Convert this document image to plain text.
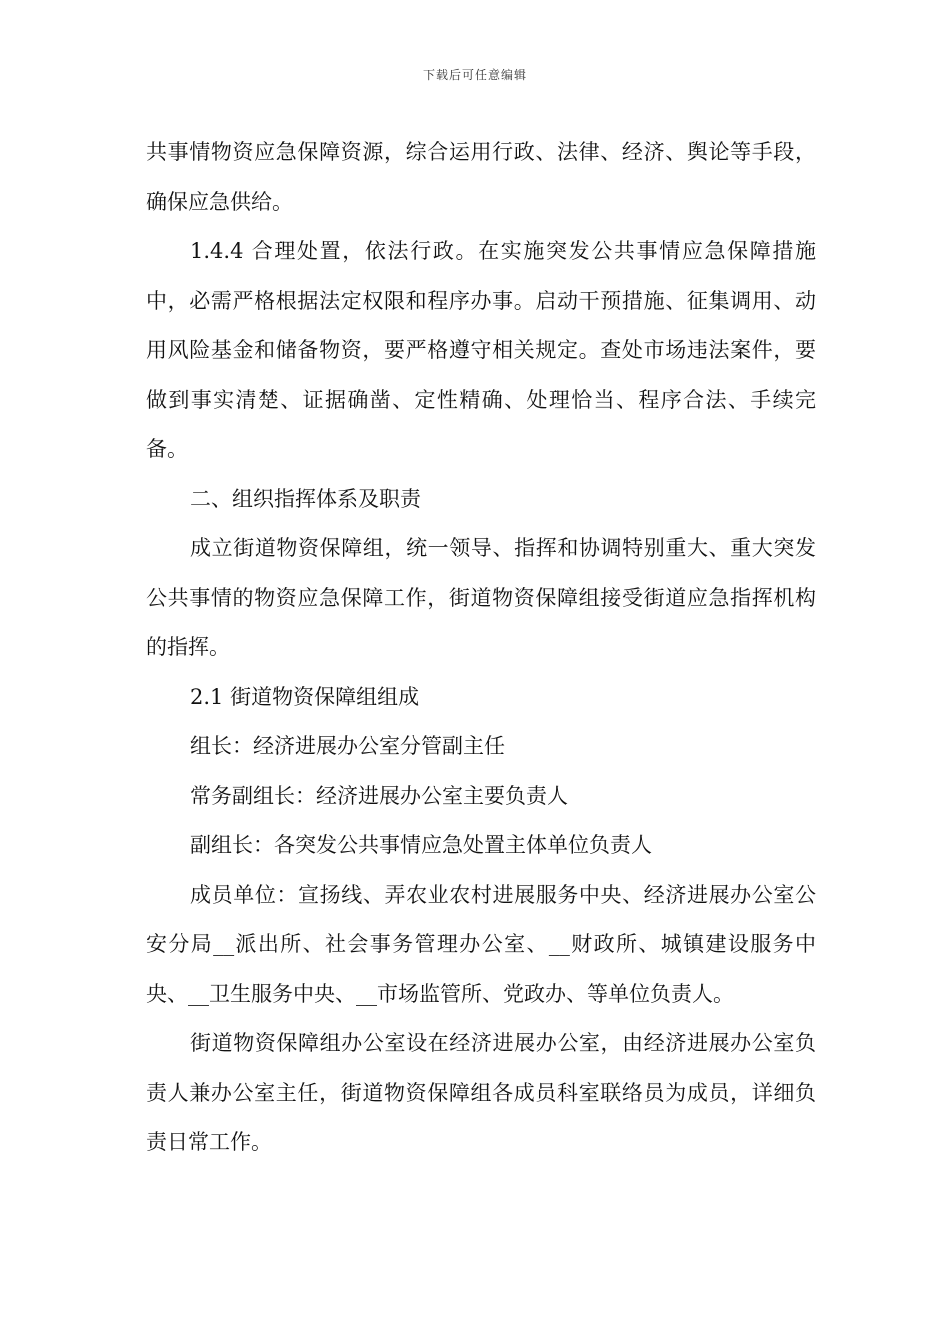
下载后可任意编辑

共事情物资应急保障资源，综合运用行政、法律、经济、舆论等手段，确保应急供给。

1.4.4 合理处置，依法行政。在实施突发公共事情应急保障措施中，必需严格根据法定权限和程序办事。启动干预措施、征集调用、动用风险基金和储备物资，要严格遵守相关规定。查处市场违法案件，要做到事实清楚、证据确凿、定性精确、处理恰当、程序合法、手续完备。

二、组织指挥体系及职责

成立街道物资保障组，统一领导、指挥和协调特别重大、重大突发公共事情的物资应急保障工作，街道物资保障组接受街道应急指挥机构的指挥。

2.1 街道物资保障组组成

组长：经济进展办公室分管副主任

常务副组长：经济进展办公室主要负责人

副组长：各突发公共事情应急处置主体单位负责人

成员单位：宣扬线、弄农业农村进展服务中央、经济进展办公室公安分局__派出所、社会事务管理办公室、__财政所、城镇建设服务中央、__卫生服务中央、__市场监管所、党政办、等单位负责人。

街道物资保障组办公室设在经济进展办公室，由经济进展办公室负责人兼办公室主任，街道物资保障组各成员科室联络员为成员，详细负责日常工作。
